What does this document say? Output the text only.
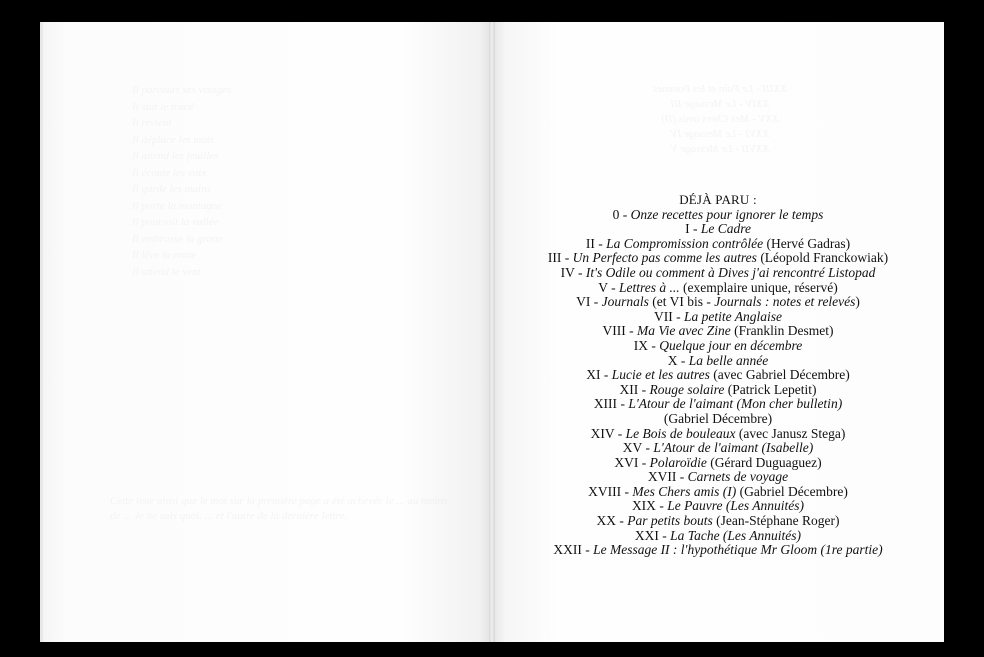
Il parcourt ses visages
Il suit le tracé
Il revient
Il déplace les mots
Il attend les feuilles
Il écoute les voix
Il garde les mains
Il porte la montagne
Il poursuit la vallée
Il embrasse la grotte
Il lève la route
Il attend le vent
Cette liste ainsi que le mot sur la première page a été achevée le ... au moins de ... Je ne sais quoi. ... et l'autre de la dernière lettre.
XXIII - Le Pain et les Pommes
XXIV - Le Message III
XXV - Mes Chers amis (II)
XXVI - Le Message IV
XXVII - Le Message V
DÉJÀ PARU :
0 - Onze recettes pour ignorer le temps
I - Le Cadre
II - La Compromission contrôlée (Hervé Gadras)
III - Un Perfecto pas comme les autres (Léopold Franckowiak)
IV - It's Odile ou comment à Dives j'ai rencontré Listopad
V - Lettres à ... (exemplaire unique, réservé)
VI - Journals (et VI bis - Journals : notes et relevés)
VII - La petite Anglaise
VIII - Ma Vie avec Zine (Franklin Desmet)
IX - Quelque jour en décembre
X - La belle année
XI - Lucie et les autres (avec Gabriel Décembre)
XII - Rouge solaire (Patrick Lepetit)
XIII - L'Atour de l'aimant (Mon cher bulletin)
(Gabriel Décembre)
XIV - Le Bois de bouleaux (avec Janusz Stega)
XV - L'Atour de l'aimant (Isabelle)
XVI - Polaroïdie (Gérard Duguaguez)
XVII - Carnets de voyage
XVIII - Mes Chers amis (I) (Gabriel Décembre)
XIX - Le Pauvre (Les Annuités)
XX - Par petits bouts (Jean-Stéphane Roger)
XXI - La Tache (Les Annuités)
XXII - Le Message II : l'hypothétique Mr Gloom (1re partie)
